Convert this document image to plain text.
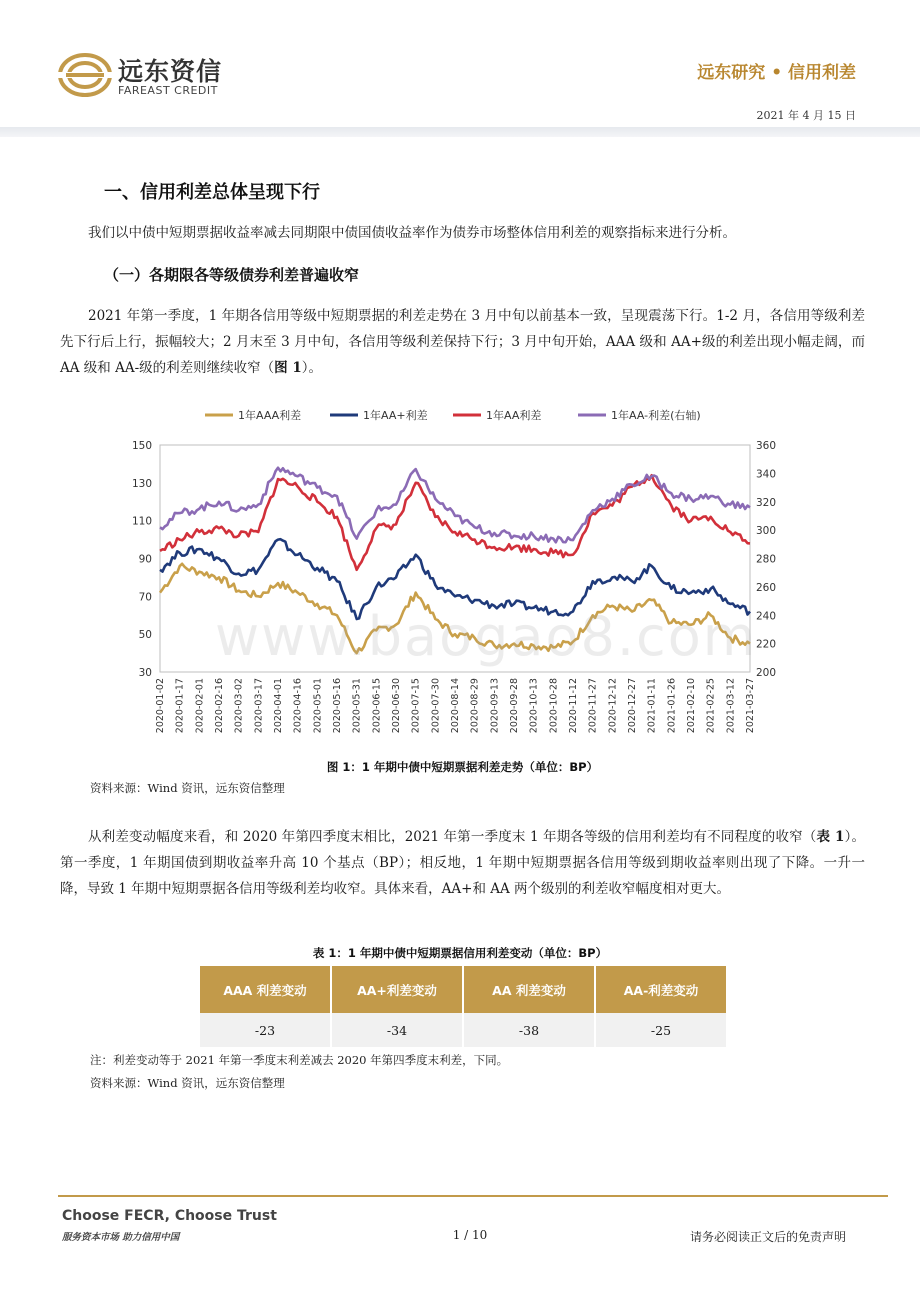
远东资信
FAREAST CREDIT
远东研究 • 信用利差
2021 年 4 月 15 日
一、信用利差总体呈现下行
我们以中债中短期票据收益率减去同期限中债国债收益率作为债券市场整体信用利差的观察指标来进行分析。
（一）各期限各等级债券利差普遍收窄
2021 年第一季度，1 年期各信用等级中短期票据的利差走势在 3 月中旬以前基本一致，呈现震荡下行。1-2 月，各信用等级利差先下行后上行，振幅较大；2 月末至 3 月中旬，各信用等级利差保持下行；3 月中旬开始，AAA 级和 AA+级的利差出现小幅走阔，而 AA 级和 AA-级的利差则继续收窄（图 1）。
30
50
70
90
110
130
150
200
220
240
260
280
300
320
340
360
2020-01-02 2020-01-17 2020-02-01 2020-02-16 2020-03-02 2020-03-17 2020-04-01 2020-04-16 2020-05-01 2020-05-16 2020-05-31 2020-06-15 2020-06-30 2020-07-15 2020-07-30 2020-08-14 2020-08-29 2020-09-13 2020-09-28 2020-10-13 2020-10-28 2020-11-12 2020-11-27 2020-12-12 2020-12-27 2021-01-11 2021-01-26 2021-02-10 2021-02-25 2021-03-12 2021-03-27
1年AAA利差	1年AA+利差	1年AA利差	1年AA-利差(右轴)
www.baogao8.com
图 1：1 年期中债中短期票据利差走势（单位：BP）
资料来源：Wind 资讯，远东资信整理
从利差变动幅度来看，和 2020 年第四季度末相比，2021 年第一季度末 1 年期各等级的信用利差均有不同程度的收窄（表 1）。第一季度，1 年期国债到期收益率升高 10 个基点（BP）；相反地，1 年期中短期票据各信用等级到期收益率则出现了下降。一升一降，导致 1 年期中短期票据各信用等级利差均收窄。具体来看，AA+和 AA 两个级别的利差收窄幅度相对更大。
表 1：1 年期中债中短期票据信用利差变动（单位：BP）
AAA 利差变动	AA+利差变动	AA 利差变动	AA-利差变动
-23	-34	-38	-25
注：利差变动等于 2021 年第一季度末利差减去 2020 年第四季度末利差，下同。
资料来源：Wind 资讯，远东资信整理
Choose FECR, Choose Trust
服务资本市场 助力信用中国	1 / 10	请务必阅读正文后的免责声明
